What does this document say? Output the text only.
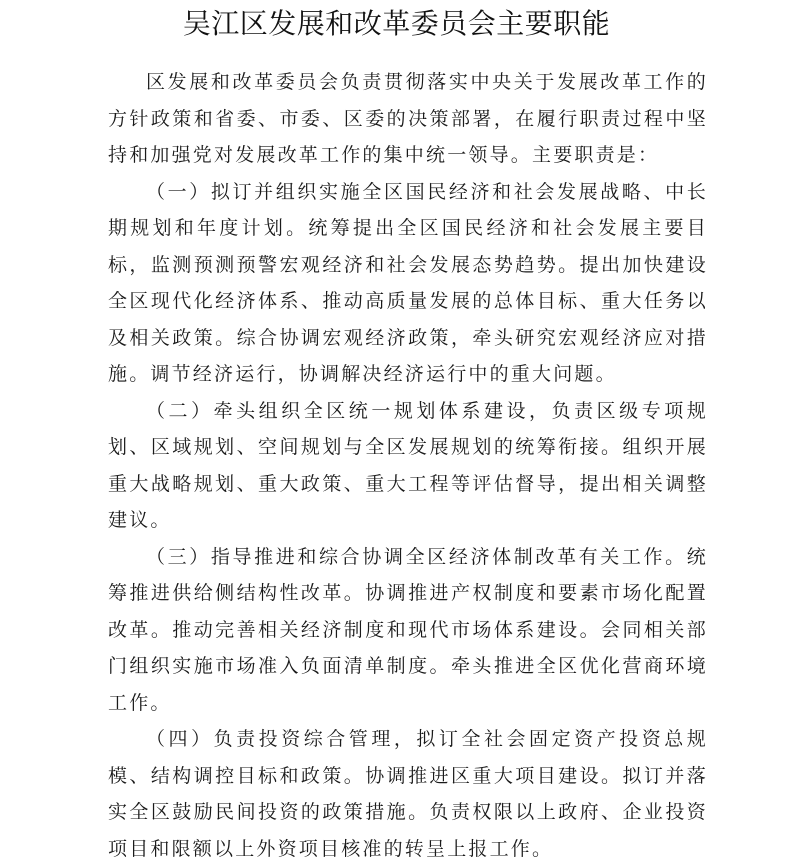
吴江区发展和改革委员会主要职能

区发展和改革委员会负责贯彻落实中央关于发展改革工作的方针政策和省委、市委、区委的决策部署，在履行职责过程中坚持和加强党对发展改革工作的集中统一领导。主要职责是：

（一）拟订并组织实施全区国民经济和社会发展战略、中长期规划和年度计划。统筹提出全区国民经济和社会发展主要目标，监测预测预警宏观经济和社会发展态势趋势。提出加快建设全区现代化经济体系、推动高质量发展的总体目标、重大任务以及相关政策。综合协调宏观经济政策，牵头研究宏观经济应对措施。调节经济运行，协调解决经济运行中的重大问题。

（二）牵头组织全区统一规划体系建设，负责区级专项规划、区域规划、空间规划与全区发展规划的统筹衔接。组织开展重大战略规划、重大政策、重大工程等评估督导，提出相关调整建议。

（三）指导推进和综合协调全区经济体制改革有关工作。统筹推进供给侧结构性改革。协调推进产权制度和要素市场化配置改革。推动完善相关经济制度和现代市场体系建设。会同相关部门组织实施市场准入负面清单制度。牵头推进全区优化营商环境工作。

（四）负责投资综合管理，拟订全社会固定资产投资总规模、结构调控目标和政策。协调推进区重大项目建设。拟订并落实全区鼓励民间投资的政策措施。负责权限以上政府、企业投资项目和限额以上外资项目核准的转呈上报工作。
